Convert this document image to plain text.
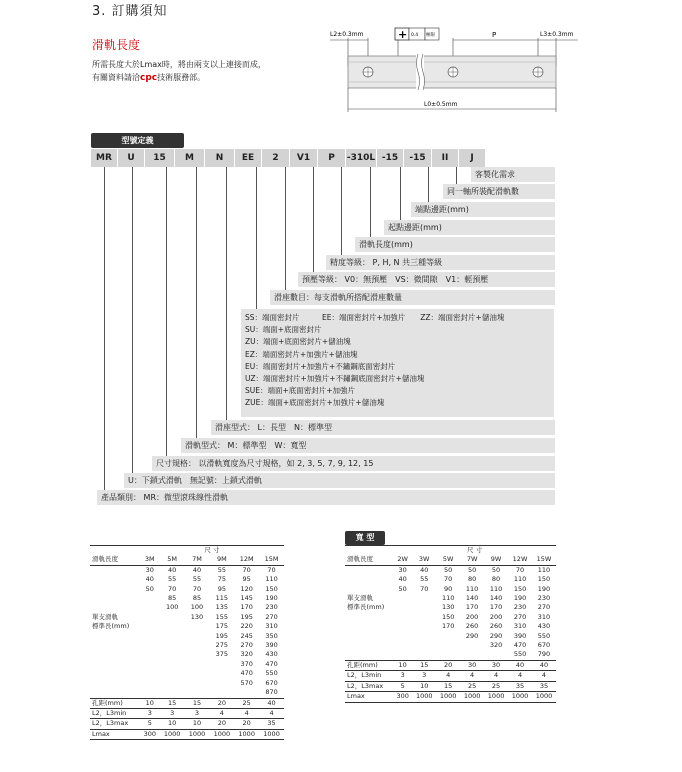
3. 訂購須知
滑軌長度
所需長度大於Lmax時，將由兩支以上連接而成，
有關資料請洽cpc技術服務部。
L2±0.3mm	P	L3±0.3mm
+ 0.4 極限
L0±0.5mm
型號定義
MR	U	15	M	N	EE	2	V1	P	-310L -15	-15	II	J
客製化需求
同一軸所裝配滑軌數
端點邊距(mm)
起點邊距(mm)
滑軌長度(mm)
精度等級： P, H, N 共三種等級
預壓等級： V0：無預壓　VS：微間隙　V1：輕預壓
滑座數目：每支滑軌所搭配滑座數量
SS：端面密封片　　　EE：端面密封片+加強片　　ZZ：端面密封片+儲油塊
SU：端面+底面密封片
ZU：端面+底面密封片+儲油塊
EZ：端面密封片+加強片+儲油塊
EU：端面密封片+加強片+不鏽鋼底面密封片
UZ：端面密封片+加強片+不鏽鋼底面密封片+儲油塊
SUE：端面+底面密封片+加強片
ZUE：端面+底面密封片+加強片+儲油塊
滑座型式： L：長型　N：標準型
滑軌型式： M：標準型　W：寬型
尺寸規格： 以滑軌寬度為尺寸規格，如 2, 3, 5, 7, 9, 12, 15
U：下鎖式滑軌　無記號：上鎖式滑軌
產品類別： MR：微型滾珠線性滑軌
	尺 寸					
滑軌長度	3M	5M	7M	9M	12M	15M
	30	40	40	55	70	70
	40	55	55	75	95	110
	50	70	70	95	120	150
		85	85	115	145	190
		100	100	135	170	230
單支滑軌			130	155	195	270
標準長(mm)				175	220	310
				195	245	350
				275	270	390
				375	320	430
					370	470
					470	550
					570	670
						870
孔距(mm)	10	15	15	20	25	40
L2，L3min	3	3	3	4	4	4
L2，L3max	5	10	10	20	20	35
Lmax	300	1000	1000	1000	1000	1000
寬 型
	尺 寸						
滑軌長度	2W	3W	5W	7W	9W	12W	15W
	30	40	50	50	50	70	110
	40	55	70	80	80	110	150
	50	70	90	110	110	150	190
單支滑軌			110	140	140	190	230
標準長(mm)			130	170	170	230	270
			150	200	200	270	310
			170	260	260	310	430
				290	290	390	550
					320	470	670
						550	790
孔距(mm)	10	15	20	30	30	40	40
L2，L3min	3	3	4	4	4	4	4
L2，L3max	5	10	15	25	25	35	35
Lmax	300	1000	1000	1000	1000	1000	1000
